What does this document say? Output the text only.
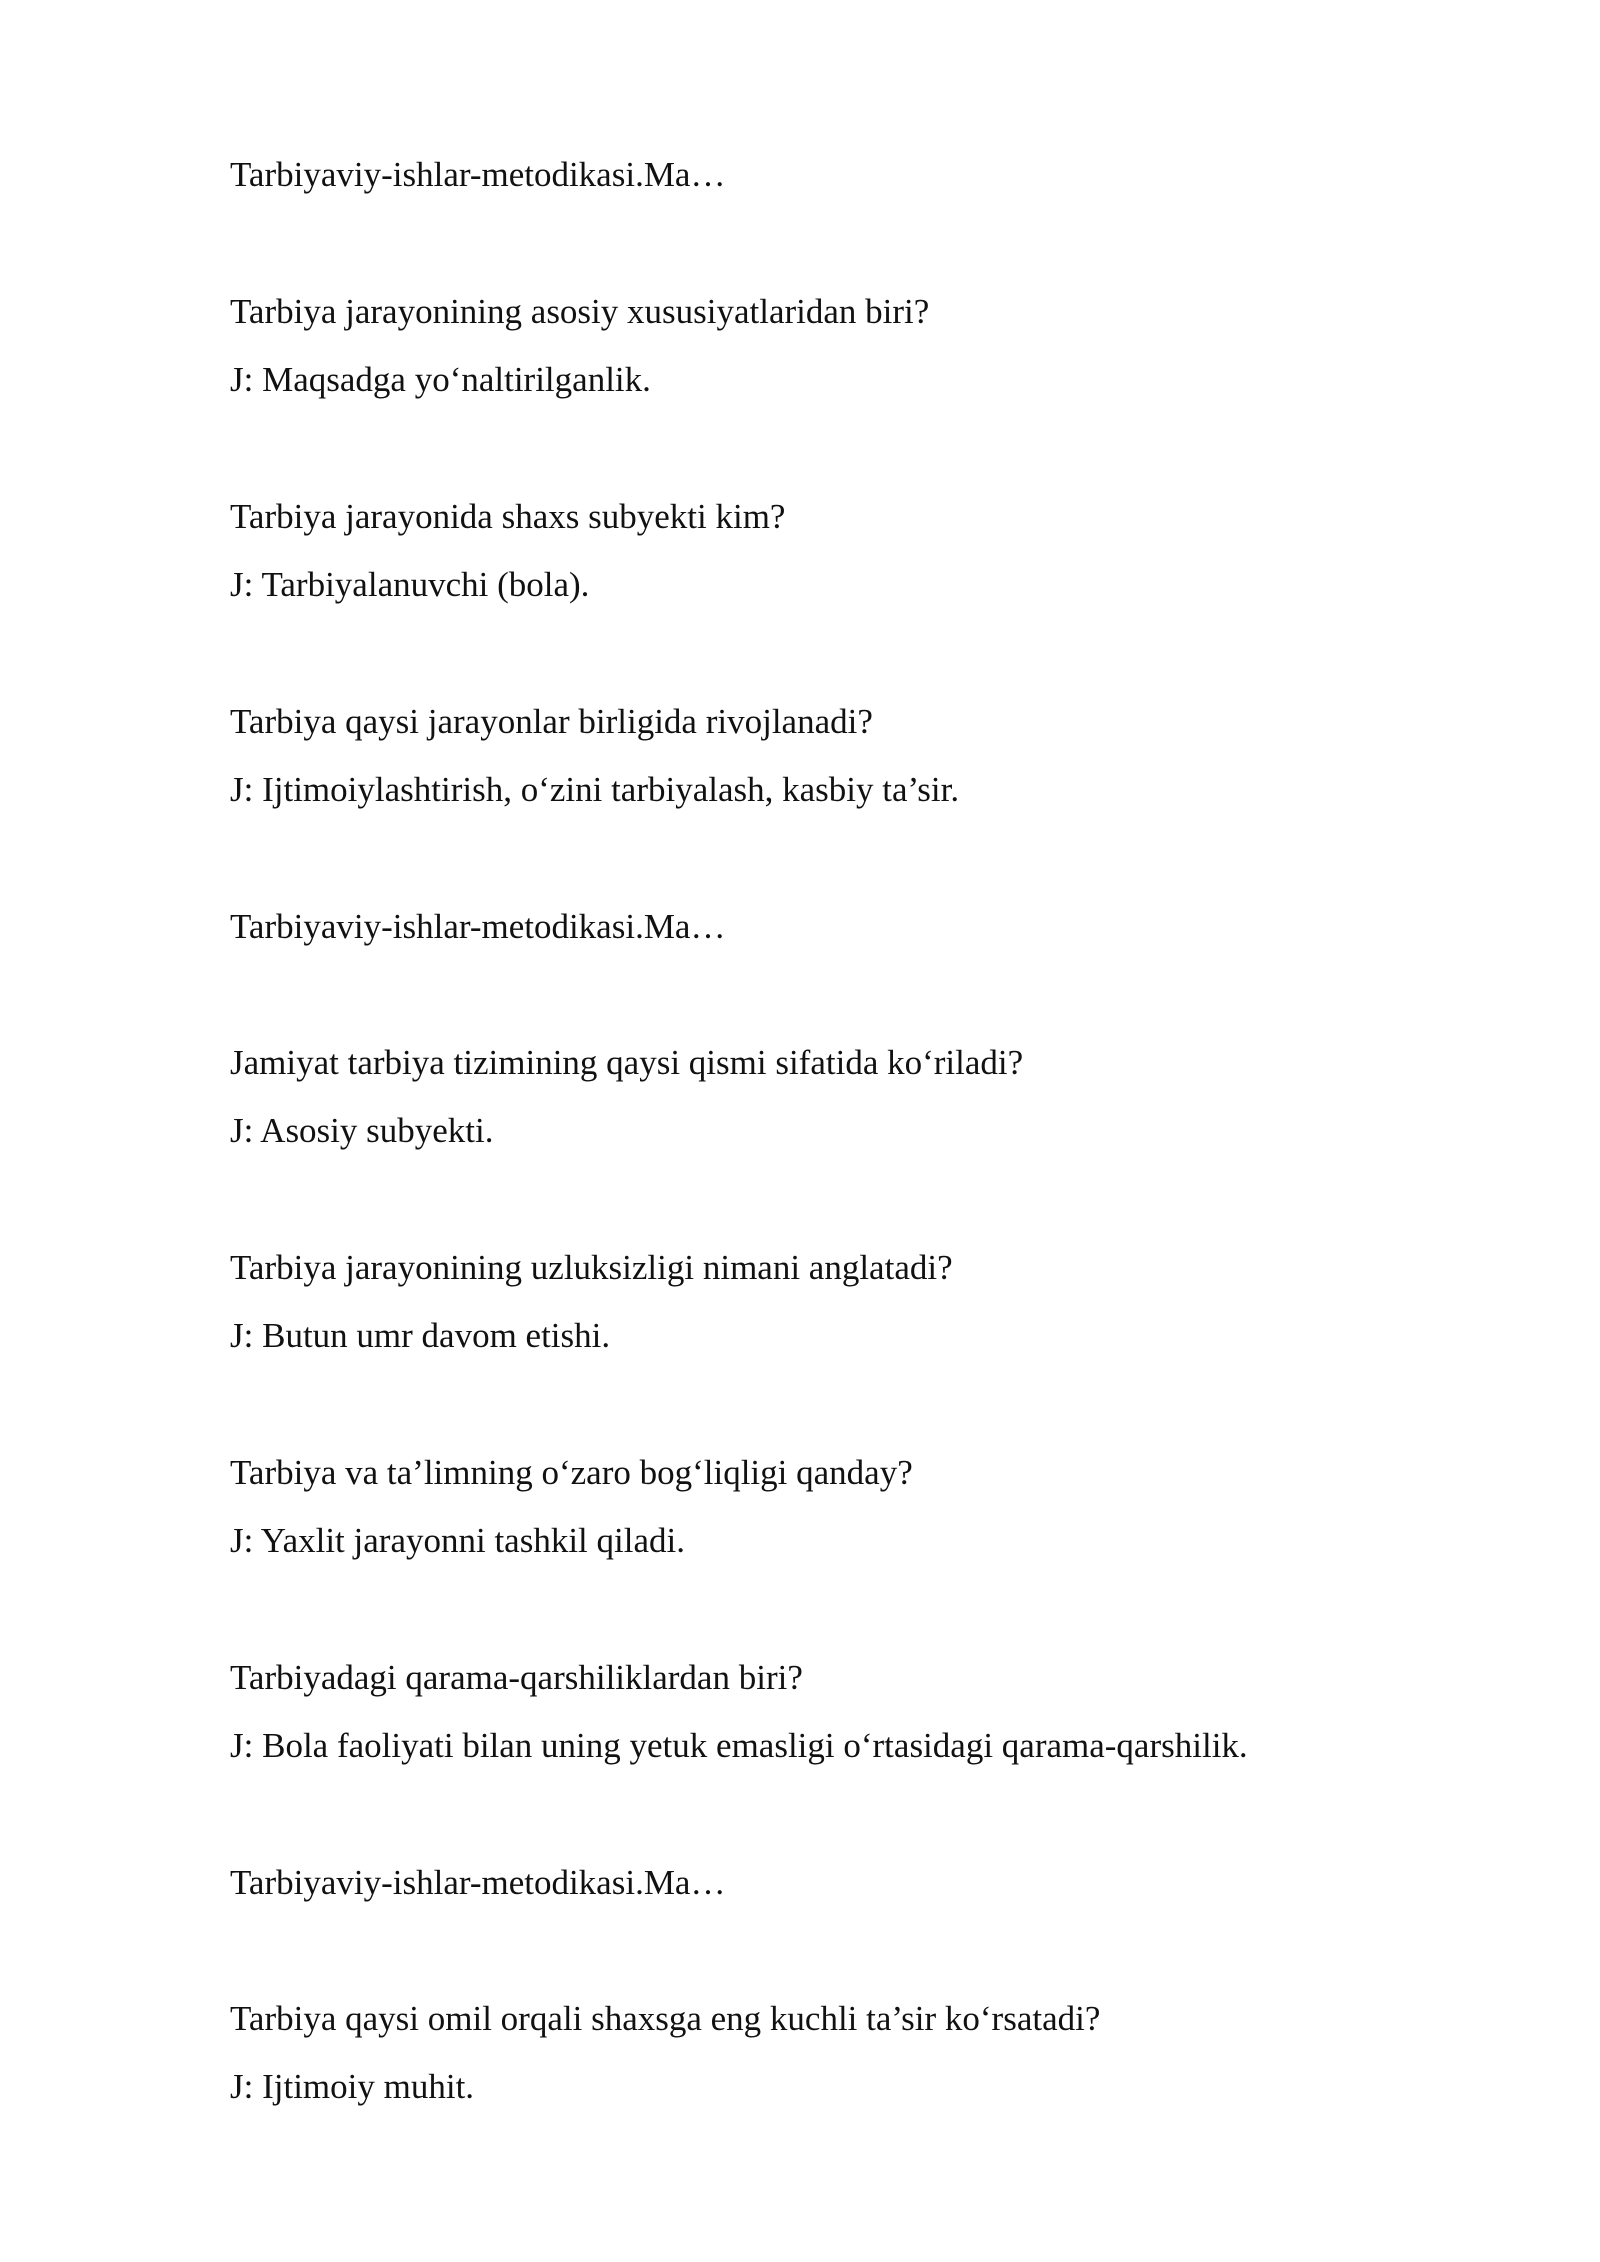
Tarbiyaviy-ishlar-metodikasi.Ma…

Tarbiya jarayonining asosiy xususiyatlaridan biri?

J: Maqsadga yo‘naltirilganlik.

Tarbiya jarayonida shaxs subyekti kim?

J: Tarbiyalanuvchi (bola).

Tarbiya qaysi jarayonlar birligida rivojlanadi?

J: Ijtimoiylashtirish, o‘zini tarbiyalash, kasbiy ta’sir.

Tarbiyaviy-ishlar-metodikasi.Ma…

Jamiyat tarbiya tizimining qaysi qismi sifatida ko‘riladi?

J: Asosiy subyekti.

Tarbiya jarayonining uzluksizligi nimani anglatadi?

J: Butun umr davom etishi.

Tarbiya va ta’limning o‘zaro bog‘liqligi qanday?

J: Yaxlit jarayonni tashkil qiladi.

Tarbiyadagi qarama-qarshiliklardan biri?

J: Bola faoliyati bilan uning yetuk emasligi o‘rtasidagi qarama-qarshilik.

Tarbiyaviy-ishlar-metodikasi.Ma…

Tarbiya qaysi omil orqali shaxsga eng kuchli ta’sir ko‘rsatadi?

J: Ijtimoiy muhit.
